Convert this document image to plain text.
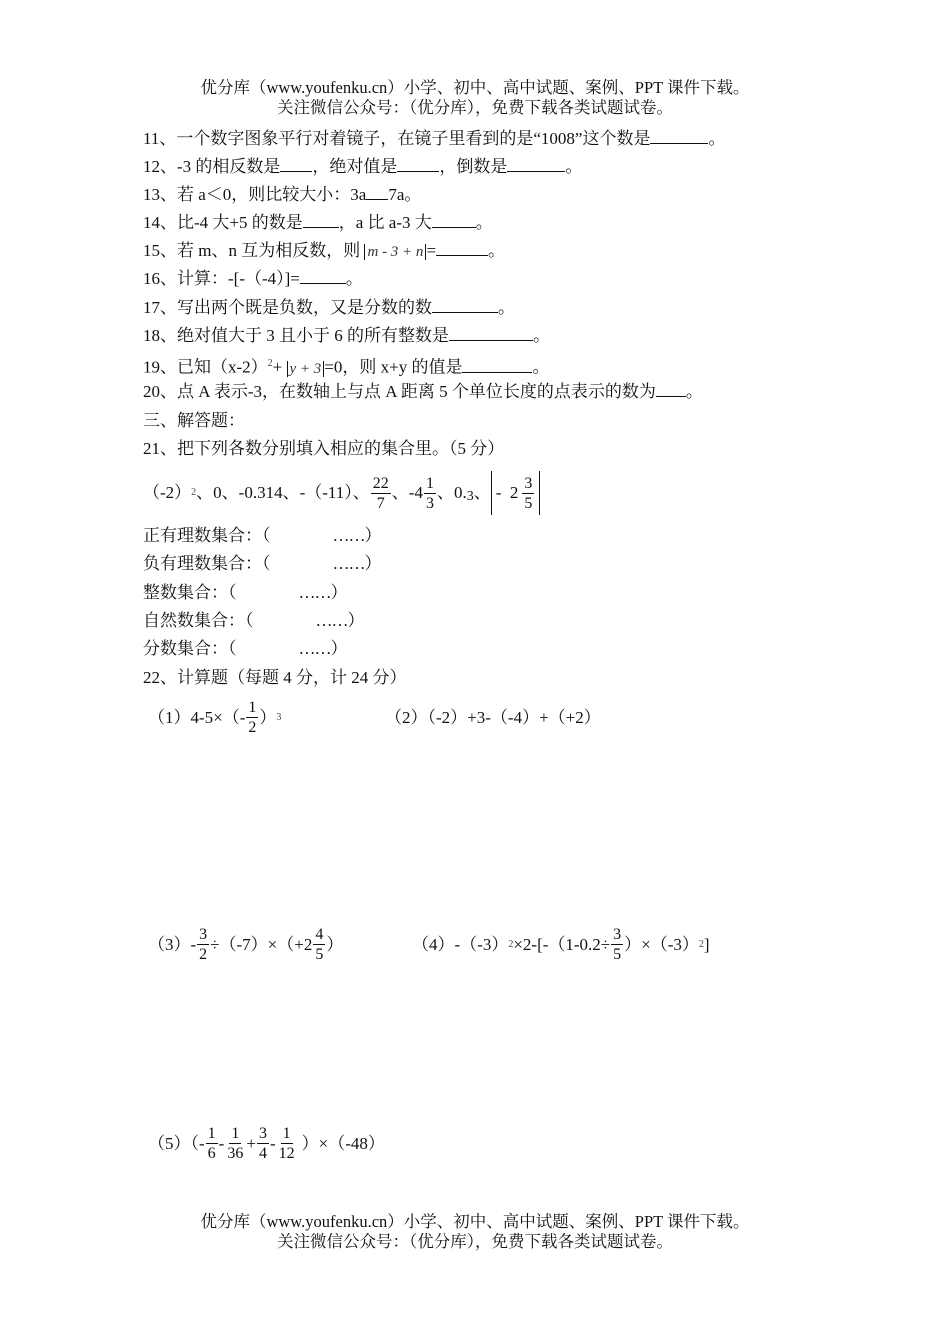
优分库（www.youfenku.cn）小学、初中、高中试题、案例、PPT 课件下载。
关注微信公众号：（优分库），免费下载各类试题试卷。
11、一个数字图象平行对着镜子，在镜子里看到的是“1008”这个数是	。
12、-3 的相反数是 ，绝对值是 ，倒数是	。
13、若 a＜0，则比较大小：3a 7a。
14、比-4 大+5 的数是 ，a 比 a-3 大	。
15、若 m、n 互为相反数，则 m - 3 + n =	。
16、计算：-[-（-4）]=	。
17、写出两个既是负数，又是分数的数	。
18、绝对值大于 3 且小于 6 的所有整数是	。
19、已知$(x-2)^2+ y + 3 =0$，则 x+y 的值是	。
20、点 A 表示-3，在数轴上与点 A 距离 5 个单位长度的点表示的数为 。
三、解答题：
21、把下列各数分别填入相应的集合里。（5 分）
（-2） 2 、0、-0.314、-（-11）、 $\frac{22}{7}$ 、$-4 \frac{1}{3}$ 、0. 3 、 -  $2 \frac{3}{5}$
正有理数集合：（	……）
负有理数集合：（	……）
整数集合：（	……）
自然数集合：（	……）
分数集合：（	……）
22、计算题（每题 4 分，计 24 分）
$(1)4-5\times(- \frac{1}{2}$ ） 3	（2）（-2）+3-（-4）+（+2）
$(3)- \frac{3}{2} \div(-7)\times(+2 \frac{4}{5}$ ）	（4）-（-3） $2 \times 2-[-(1-0.2\div \frac{3}{5} )\times(-3)$ 2 ]
$(5)(- \frac{1}{6} - \frac{1}{36} + \frac{3}{4} - \frac{1}{12} )\times(-48)$
优分库（www.youfenku.cn）小学、初中、高中试题、案例、PPT 课件下载。
关注微信公众号：（优分库），免费下载各类试题试卷。
